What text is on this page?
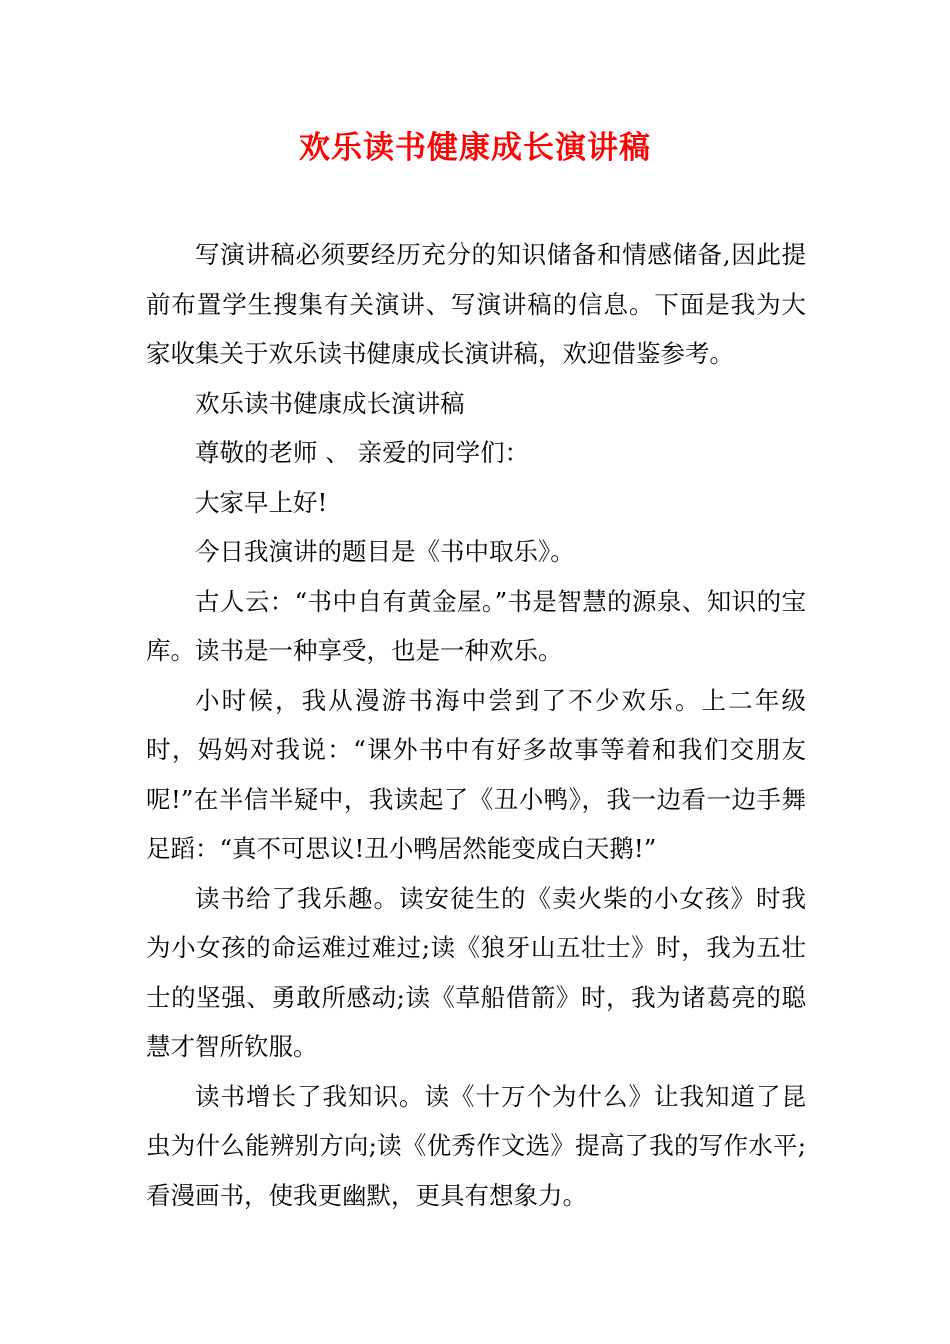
欢乐读书健康成长演讲稿

写演讲稿必须要经历充分的知识储备和情感储备,因此提前布置学生搜集有关演讲、写演讲稿的信息。下面是我为大家收集关于欢乐读书健康成长演讲稿，欢迎借鉴参考。

欢乐读书健康成长演讲稿

尊敬的老师 、 亲爱的同学们：

大家早上好!

今日我演讲的题目是《书中取乐》。

古人云：“书中自有黄金屋。”书是智慧的源泉、知识的宝库。读书是一种享受，也是一种欢乐。

小时候，我从漫游书海中尝到了不少欢乐。上二年级时，妈妈对我说：“课外书中有好多故事等着和我们交朋友呢!”在半信半疑中，我读起了《丑小鸭》，我一边看一边手舞足蹈：“真不可思议!丑小鸭居然能变成白天鹅!”

读书给了我乐趣。读安徒生的《卖火柴的小女孩》时我为小女孩的命运难过难过;读《狼牙山五壮士》时，我为五壮士的坚强、勇敢所感动;读《草船借箭》时，我为诸葛亮的聪慧才智所钦服。

读书增长了我知识。读《十万个为什么》让我知道了昆虫为什么能辨别方向;读《优秀作文选》提高了我的写作水平;看漫画书，使我更幽默，更具有想象力。
